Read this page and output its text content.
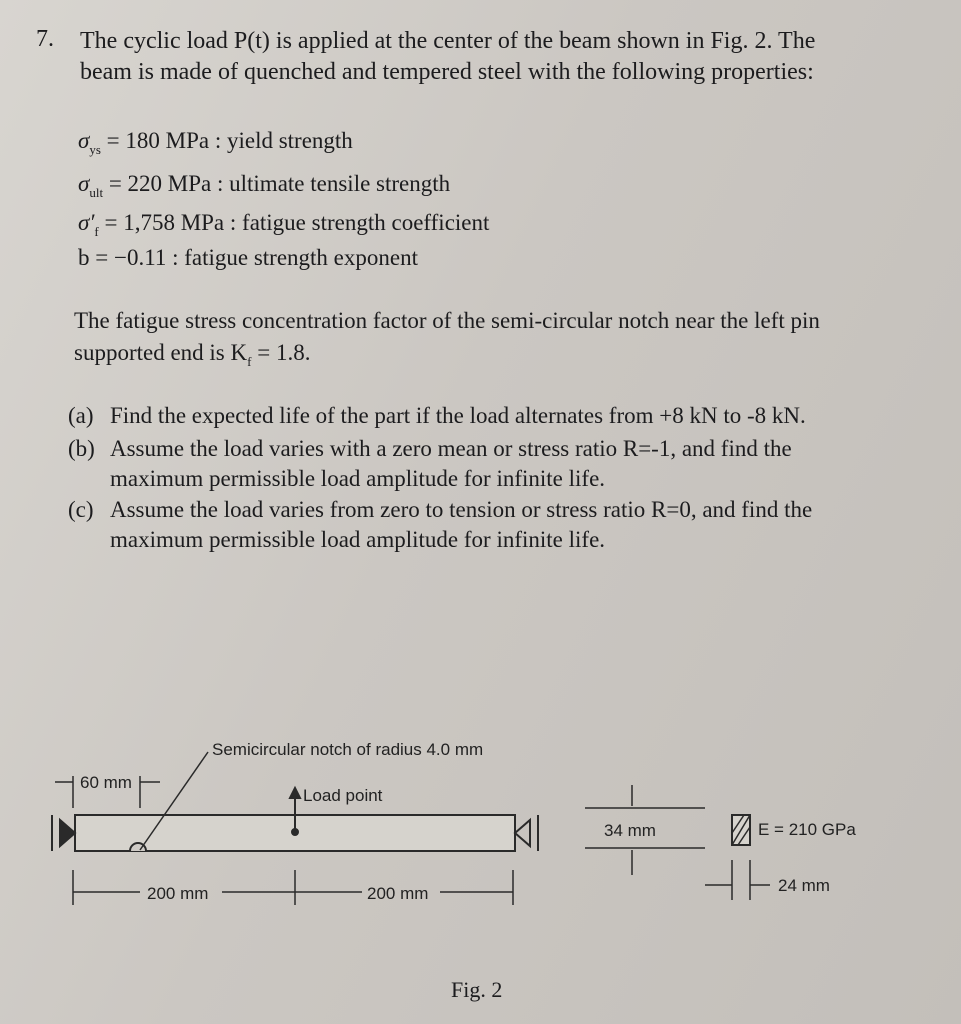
7. The cyclic load P(t) is applied at the center of the beam shown in Fig. 2. The
beam is made of quenched and tempered steel with the following properties:
$\sigma_{ys} = 180$ MPa : yield strength
$\sigma_{ult} = 220$ MPa : ultimate tensile strength
$\sigma'_f = 1,758$ MPa : fatigue strength coefficient
b = −0.11 : fatigue strength exponent
The fatigue stress concentration factor of the semi-circular notch near the left pin
supported end is $K_f = 1.8$.
(a) Find the expected life of the part if the load alternates from +8 kN to -8 kN.
(b) Assume the load varies with a zero mean or stress ratio R=-1, and find the
maximum permissible load amplitude for infinite life.
(c) Assume the load varies from zero to tension or stress ratio R=0, and find the
maximum permissible load amplitude for infinite life.
Semicircular notch of radius 4.0 mm
60 mm
Load point
200 mm	200 mm
34 mm	E = 210 GPa
24 mm
Fig. 2
